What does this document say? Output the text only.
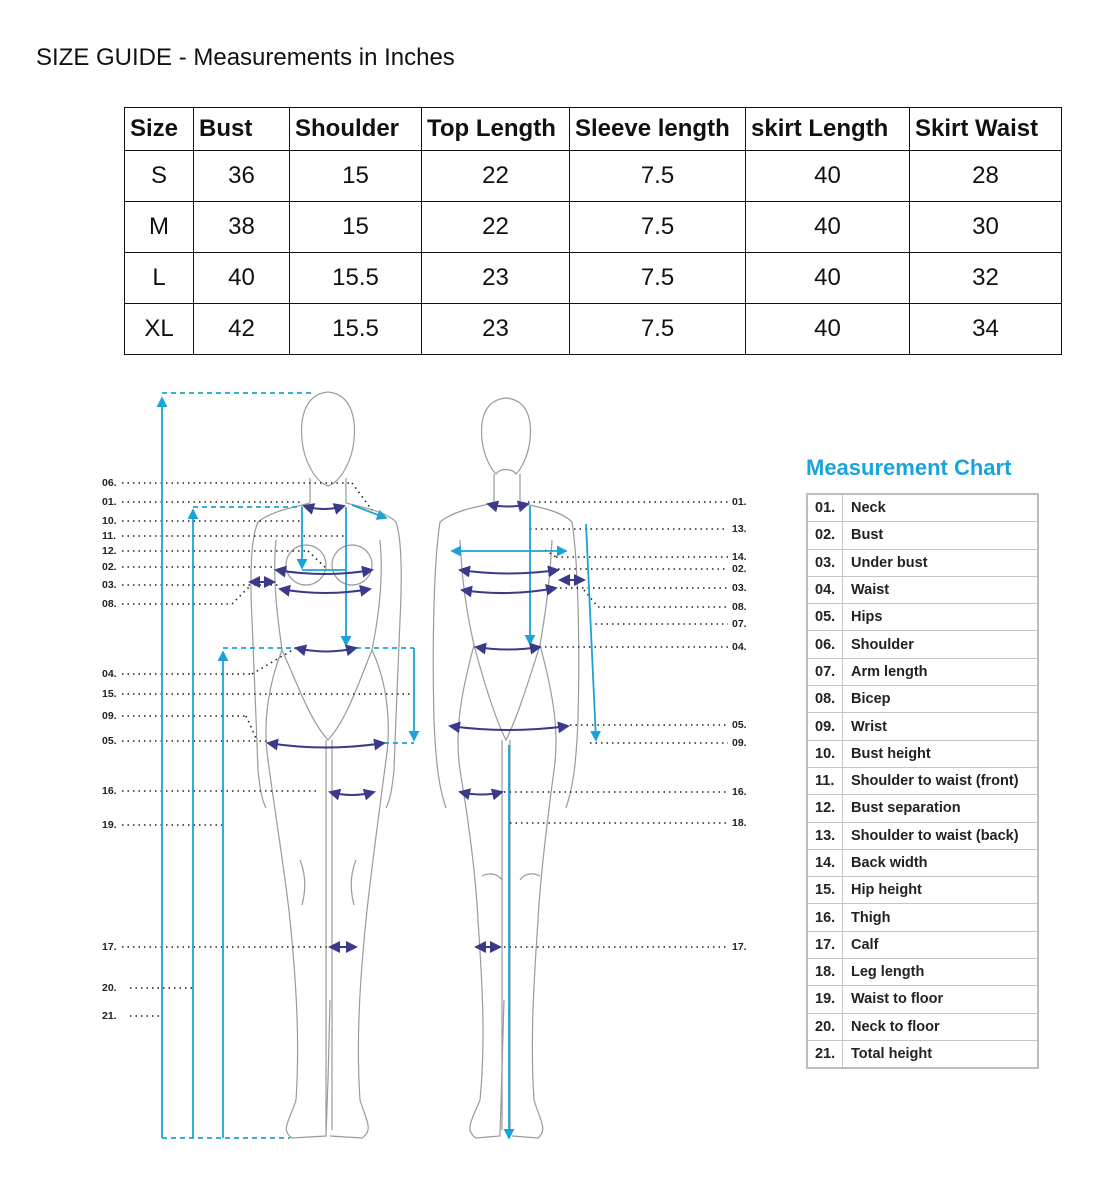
SIZE GUIDE - Measurements in Inches
Size	Bust	Shoulder	Top Length	Sleeve length	skirt Length	Skirt Waist
S	36	15	22	7.5	40	28
M	38	15	22	7.5	40	30
L	40	15.5	23	7.5	40	32
XL	42	15.5	23	7.5	40	34
06.
01.
10.
11.
12.
02.
03.
08.
04.
15.
09.
05.
16.
19.
17.
20.
21.
01.
13.
14.
02.
03.
08.
07.
04.
05.
09.
16.
18.
17.
Measurement Chart
01.	Neck
02.	Bust
03.	Under bust
04.	Waist
05.	Hips
06.	Shoulder
07.	Arm length
08.	Bicep
09.	Wrist
10.	Bust height
11.	Shoulder to waist (front)
12.	Bust separation
13.	Shoulder to waist (back)
14.	Back width
15.	Hip height
16.	Thigh
17.	Calf
18.	Leg length
19.	Waist to floor
20.	Neck to floor
21.	Total height
